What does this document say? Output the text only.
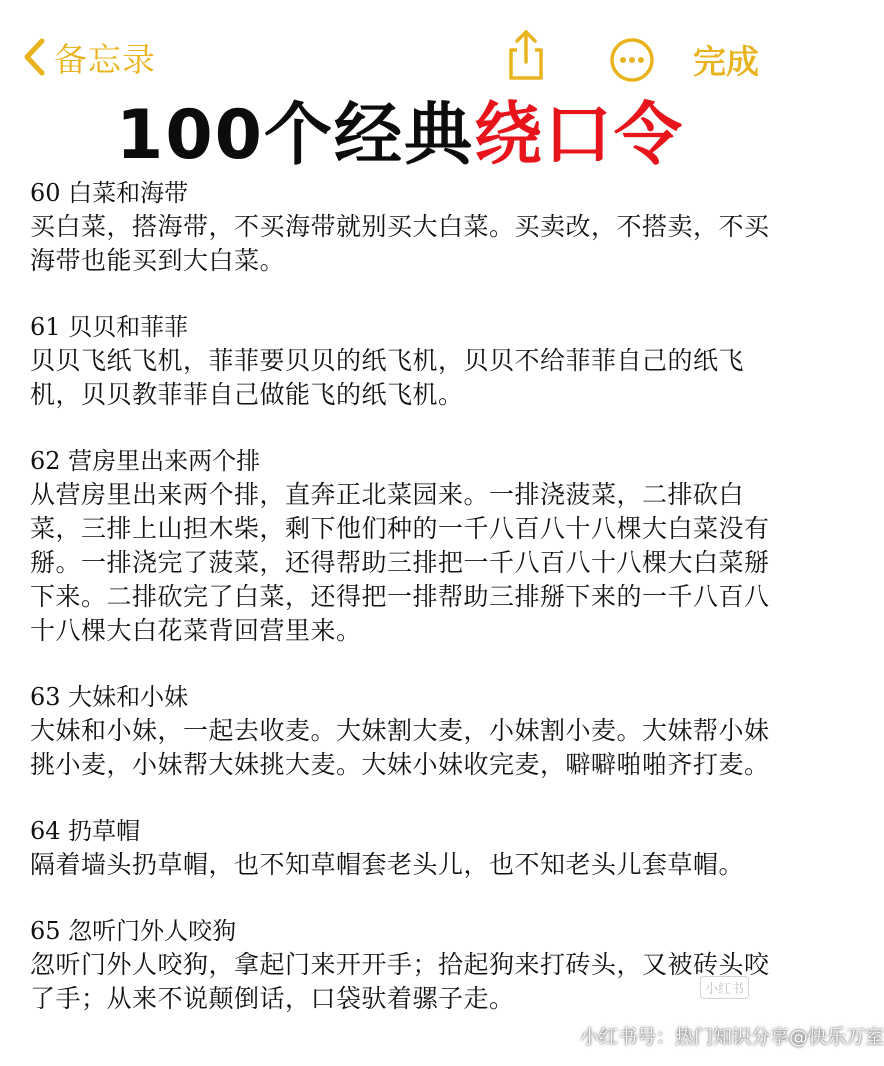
备忘录	完成
100个经典绕口令

60 白菜和海带

买白菜，搭海带，不买海带就别买大白菜。买卖改，不搭卖，不买海带也能买到大白菜。

61 贝贝和菲菲

贝贝飞纸飞机，菲菲要贝贝的纸飞机，贝贝不给菲菲自己的纸飞机，贝贝教菲菲自己做能飞的纸飞机。

62 营房里出来两个排

从营房里出来两个排，直奔正北菜园来。一排浇菠菜，二排砍白菜，三排上山担木柴，剩下他们种的一千八百八十八棵大白菜没有掰。一排浇完了菠菜，还得帮助三排把一千八百八十八棵大白菜掰下来。二排砍完了白菜，还得把一排帮助三排掰下来的一千八百八十八棵大白花菜背回营里来。

63 大妹和小妹

大妹和小妹，一起去收麦。大妹割大麦，小妹割小麦。大妹帮小妹挑小麦，小妹帮大妹挑大麦。大妹小妹收完麦，噼噼啪啪齐打麦。

64 扔草帽

隔着墙头扔草帽，也不知草帽套老头儿，也不知老头儿套草帽。

65 忽听门外人咬狗

忽听门外人咬狗，拿起门来开开手；拾起狗来打砖头，又被砖头咬了手；从来不说颠倒话，口袋驮着骡子走。	小红书
小红书号：热门知识分享@快乐万室
